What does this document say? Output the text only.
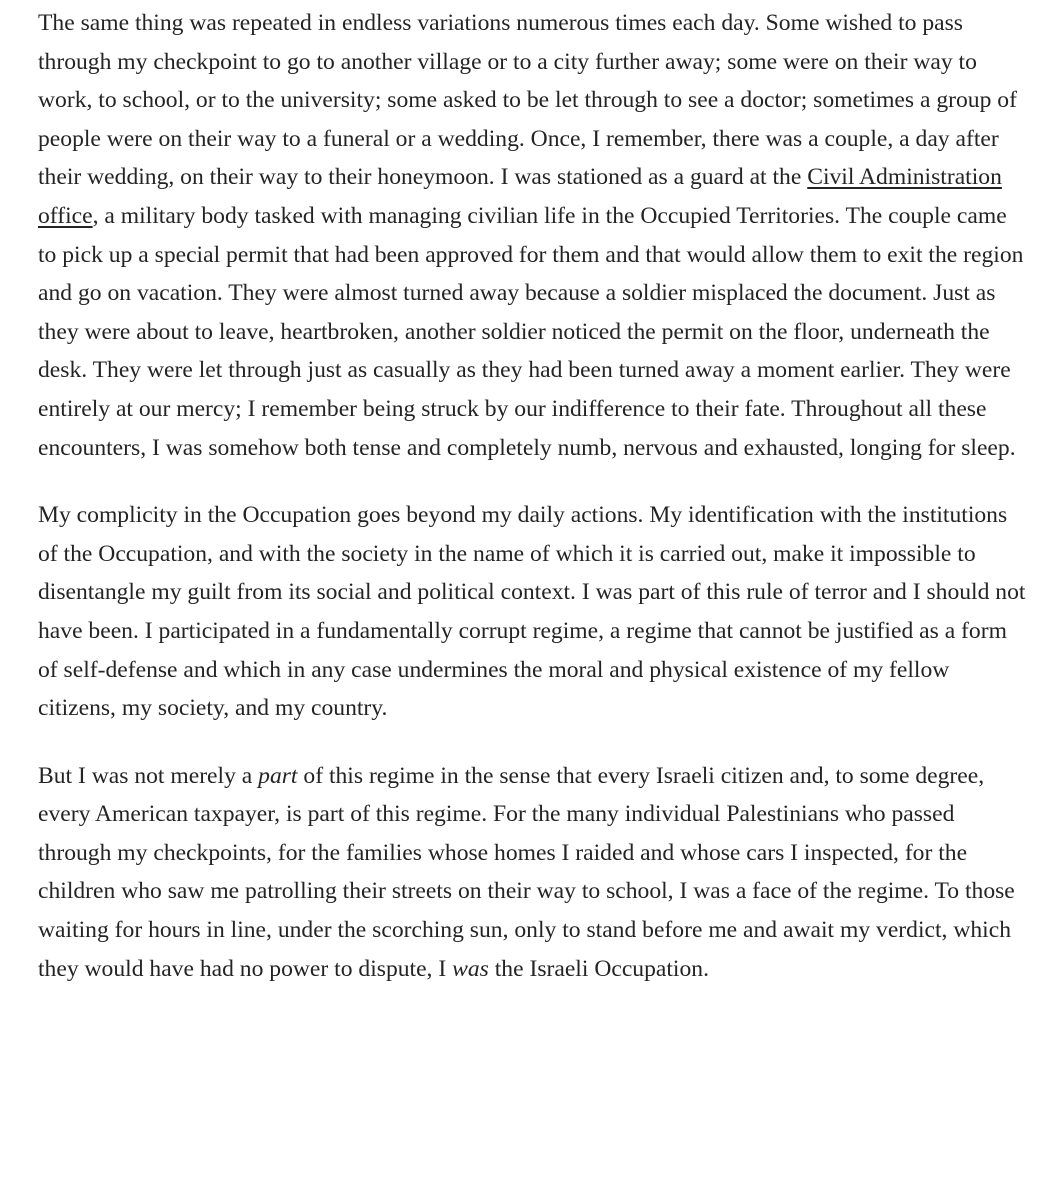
The same thing was repeated in endless variations numerous times each day. Some wished to pass through my checkpoint to go to another village or to a city further away; some were on their way to work, to school, or to the university; some asked to be let through to see a doctor; sometimes a group of people were on their way to a funeral or a wedding. Once, I remember, there was a couple, a day after their wedding, on their way to their honeymoon. I was stationed as a guard at the Civil Administration office, a military body tasked with managing civilian life in the Occupied Territories. The couple came to pick up a special permit that had been approved for them and that would allow them to exit the region and go on vacation. They were almost turned away because a soldier misplaced the document. Just as they were about to leave, heartbroken, another soldier noticed the permit on the floor, underneath the desk. They were let through just as casually as they had been turned away a moment earlier. They were entirely at our mercy; I remember being struck by our indifference to their fate. Throughout all these encounters, I was somehow both tense and completely numb, nervous and exhausted, longing for sleep.

My complicity in the Occupation goes beyond my daily actions. My identification with the institutions of the Occupation, and with the society in the name of which it is carried out, make it impossible to disentangle my guilt from its social and political context. I was part of this rule of terror and I should not have been. I participated in a fundamentally corrupt regime, a regime that cannot be justified as a form of self-defense and which in any case undermines the moral and physical existence of my fellow citizens, my society, and my country.

But I was not merely a part of this regime in the sense that every Israeli citizen and, to some degree, every American taxpayer, is part of this regime. For the many individual Palestinians who passed through my checkpoints, for the families whose homes I raided and whose cars I inspected, for the children who saw me patrolling their streets on their way to school, I was a face of the regime. To those waiting for hours in line, under the scorching sun, only to stand before me and await my verdict, which they would have had no power to dispute, I was the Israeli Occupation.
